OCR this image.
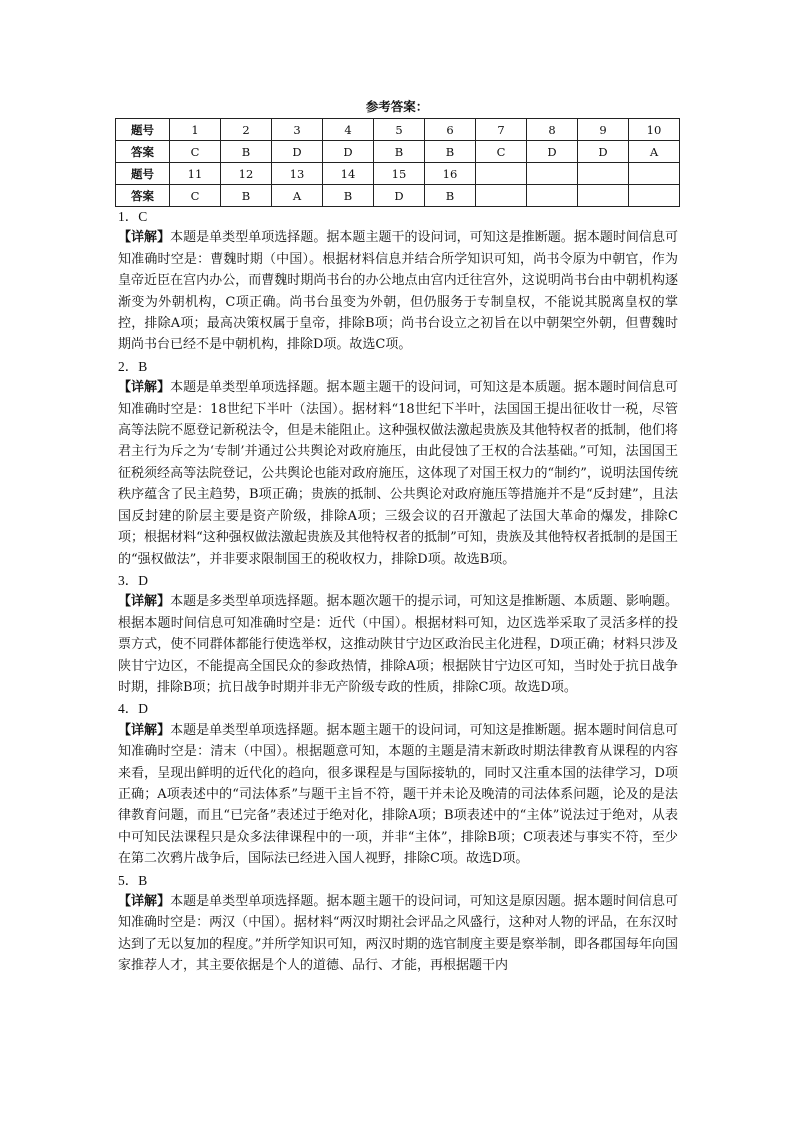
参考答案：
题号	1	2	3	4	5	6	7	8	9	10
答案	C	B	D	D	B	B	C	D	D	A
题号	11	12	13	14	15	16				
答案	C	B	A	B	D	B				
1．C
【详解】本题是单类型单项选择题。据本题主题干的设问词，可知这是推断题。据本题时间信息可知准确时空是：曹魏时期（中国）。根据材料信息并结合所学知识可知，尚书令原为中朝官，作为皇帝近臣在宫内办公，而曹魏时期尚书台的办公地点由宫内迁往宫外，这说明尚书台由中朝机构逐渐变为外朝机构，C项正确。尚书台虽变为外朝，但仍服务于专制皇权，不能说其脱离皇权的掌控，排除A项；最高决策权属于皇帝，排除B项；尚书台设立之初旨在以中朝架空外朝，但曹魏时期尚书台已经不是中朝机构，排除D项。故选C项。
2．B
【详解】本题是单类型单项选择题。据本题主题干的设问词，可知这是本质题。据本题时间信息可知准确时空是：18世纪下半叶（法国）。据材料“18世纪下半叶，法国国王提出征收廿一税，尽管高等法院不愿登记新税法令，但是未能阻止。这种强权做法激起贵族及其他特权者的抵制，他们将君主行为斥之为‘专制’并通过公共舆论对政府施压，由此侵蚀了王权的合法基础。”可知，法国国王征税须经高等法院登记，公共舆论也能对政府施压，这体现了对国王权力的“制约”，说明法国传统秩序蕴含了民主趋势，B项正确；贵族的抵制、公共舆论对政府施压等措施并不是“反封建”，且法国反封建的阶层主要是资产阶级，排除A项；三级会议的召开激起了法国大革命的爆发，排除C项；根据材料“这种强权做法激起贵族及其他特权者的抵制”可知，贵族及其他特权者抵制的是国王的“强权做法”，并非要求限制国王的税收权力，排除D项。故选B项。
3．D
【详解】本题是多类型单项选择题。据本题次题干的提示词，可知这是推断题、本质题、影响题。根据本题时间信息可知准确时空是：近代（中国）。根据材料可知，边区选举采取了灵活多样的投票方式，使不同群体都能行使选举权，这推动陕甘宁边区政治民主化进程，D项正确；材料只涉及陕甘宁边区，不能提高全国民众的参政热情，排除A项；根据陕甘宁边区可知，当时处于抗日战争时期，排除B项；抗日战争时期并非无产阶级专政的性质，排除C项。故选D项。
4．D
【详解】本题是单类型单项选择题。据本题主题干的设问词，可知这是推断题。据本题时间信息可知准确时空是：清末（中国）。根据题意可知，本题的主题是清末新政时期法律教育从课程的内容来看，呈现出鲜明的近代化的趋向，很多课程是与国际接轨的，同时又注重本国的法律学习，D项正确；A项表述中的“司法体系”与题干主旨不符，题干并未论及晚清的司法体系问题，论及的是法律教育问题，而且“已完备”表述过于绝对化，排除A项；B项表述中的“主体”说法过于绝对，从表中可知民法课程只是众多法律课程中的一项，并非“主体”，排除B项；C项表述与事实不符，至少在第二次鸦片战争后，国际法已经进入国人视野，排除C项。故选D项。
5．B
【详解】本题是单类型单项选择题。据本题主题干的设问词，可知这是原因题。据本题时间信息可知准确时空是：两汉（中国）。据材料“两汉时期社会评品之风盛行，这种对人物的评品，在东汉时达到了无以复加的程度。”并所学知识可知，两汉时期的选官制度主要是察举制，即各郡国每年向国家推荐人才，其主要依据是个人的道德、品行、才能，再根据题干内
